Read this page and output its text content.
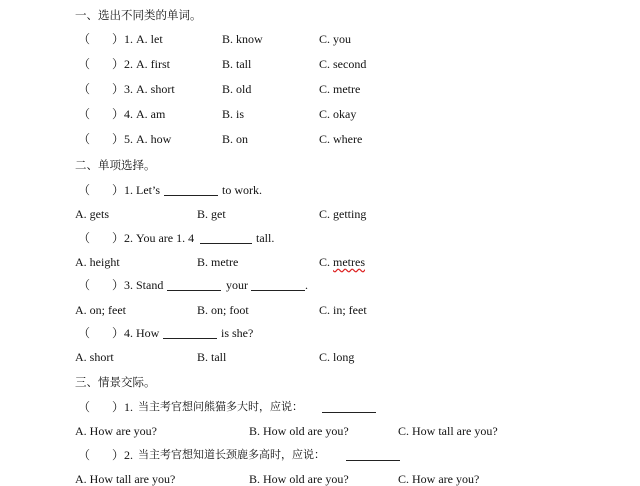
一、选出不同类的单词。
（ ） 1. A. let	B. know	C. you
（ ） 2. A. first	B. tall	C. second
（ ） 3. A. short	B. old	C. metre
（ ） 4. A. am	B. is	C. okay
（ ） 5. A. how	B. on	C. where
二、单项选择。
（ ） 1. Let’s	to work.
A. gets	B. get	C. getting
（ ） 2. You are 1. 4	tall.
A. height	B. metre	C. metres
（ ） 3. Stand	your	.
A. on; feet	B. on; foot	C. in; feet
（ ） 4. How	is she?
A. short	B. tall	C. long
三、情景交际。
（ ） 1. 当主考官想问熊猫多大时，应说：
A. How are you?	B. How old are you?	C. How tall are you?
（ ） 2. 当主考官想知道长颈鹿多高时，应说：
A. How tall are you?	B. How old are you?	C. How are you?
